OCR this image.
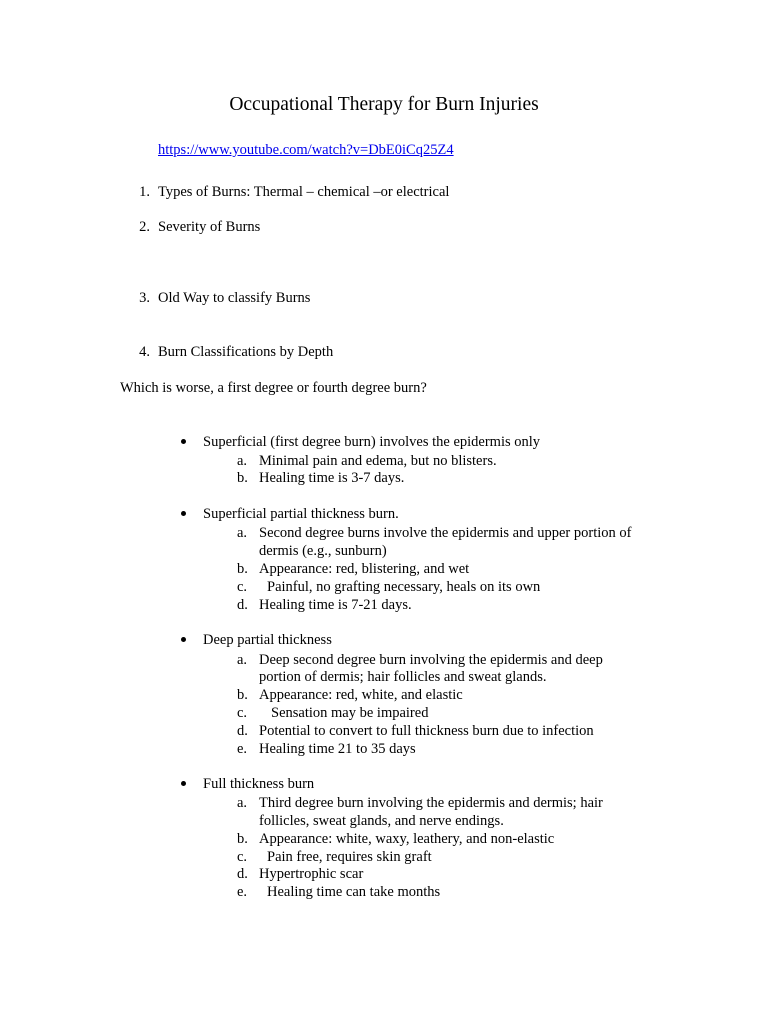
Occupational Therapy for Burn Injuries
https://www.youtube.com/watch?v=DbE0iCq25Z4
1. Types of Burns: Thermal – chemical –or electrical
2. Severity of Burns
3. Old Way to classify Burns
4. Burn Classifications by Depth
Which is worse, a first degree or fourth degree burn?
Superficial (first degree burn) involves the epidermis only
a. Minimal pain and edema, but no blisters.
b. Healing time is 3-7 days.
Superficial partial thickness burn.
a. Second degree burns involve the epidermis and upper portion of
dermis (e.g., sunburn)
b. Appearance: red, blistering, and wet
c. Painful, no grafting necessary, heals on its own
d. Healing time is 7-21 days.
Deep partial thickness
a. Deep second degree burn involving the epidermis and deep
portion of dermis; hair follicles and sweat glands.
b. Appearance: red, white, and elastic
c. Sensation may be impaired
d. Potential to convert to full thickness burn due to infection
e. Healing time 21 to 35 days
Full thickness burn
a. Third degree burn involving the epidermis and dermis; hair
follicles, sweat glands, and nerve endings.
b. Appearance: white, waxy, leathery, and non-elastic
c. Pain free, requires skin graft
d. Hypertrophic scar
e. Healing time can take months
